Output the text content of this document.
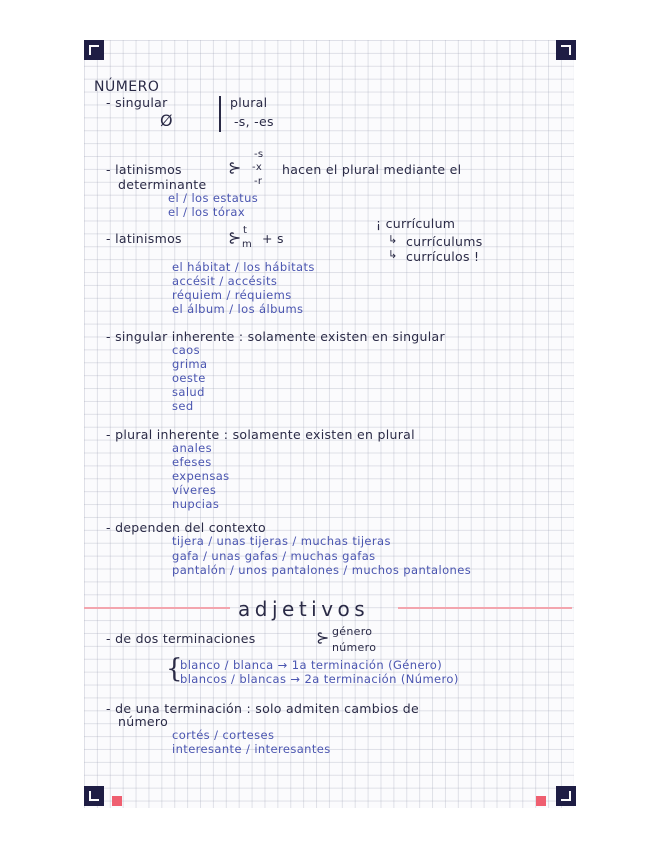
NÚMERO
- singular	plural
Ø	-s, -es
- latinismos
-s
⊱ -x
-r
hacen el plural mediante el
determinante
el / los estatus
el / los tórax
¡ currículum
↳ currículums
↳ currículos !
- latinismos	⊱ t
m + s
el hábitat / los hábitats
accésit / accésits
réquiem / réquiems
el álbum / los álbums
- singular inherente : solamente existen en singular
caos
grima
oeste
salud
sed
- plural inherente : solamente existen en plural
anales
efeses
expensas
víveres
nupcias
- dependen del contexto
tijera / unas tijeras / muchas tijeras
gafa / unas gafas / muchas gafas
pantalón / unos pantalones / muchos pantalones
adjetivos
- de dos terminaciones	⊱ género
número
{
blanco / blanca → 1a terminación (Género)
blancos / blancas → 2a terminación (Número)
- de una terminación : solo admiten cambios de
número
cortés / corteses
interesante / interesantes
